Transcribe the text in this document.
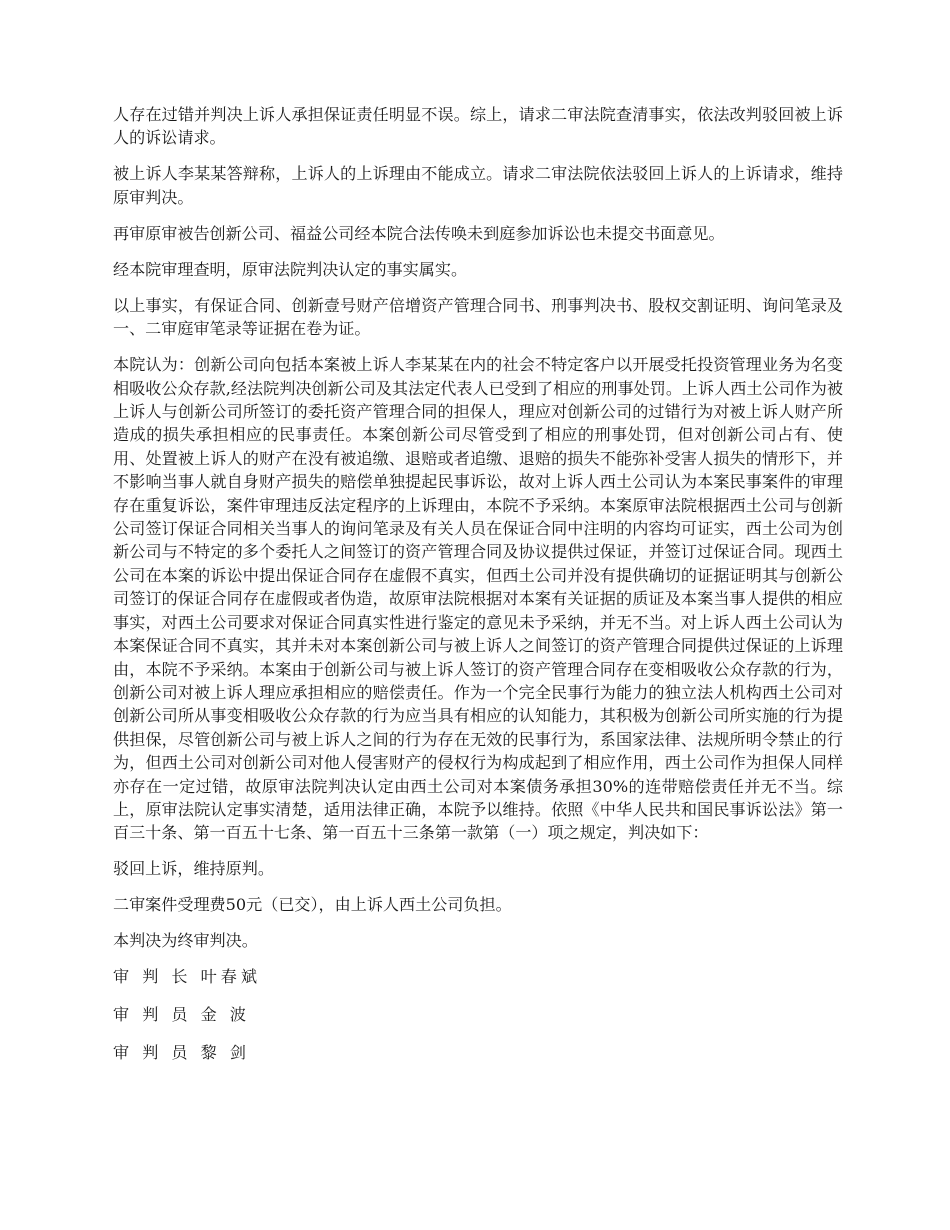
人存在过错并判决上诉人承担保证责任明显不误。综上，请求二审法院查清事实，依法改判驳回被上诉人的诉讼请求。

被上诉人李某某答辩称，上诉人的上诉理由不能成立。请求二审法院依法驳回上诉人的上诉请求，维持原审判决。

再审原审被告创新公司、福益公司经本院合法传唤未到庭参加诉讼也未提交书面意见。

经本院审理查明，原审法院判决认定的事实属实。

以上事实，有保证合同、创新壹号财产倍增资产管理合同书、刑事判决书、股权交割证明、询问笔录及一、二审庭审笔录等证据在卷为证。

本院认为：创新公司向包括本案被上诉人李某某在内的社会不特定客户以开展受托投资管理业务为名变相吸收公众存款,经法院判决创新公司及其法定代表人已受到了相应的刑事处罚。上诉人西土公司作为被上诉人与创新公司所签订的委托资产管理合同的担保人，理应对创新公司的过错行为对被上诉人财产所造成的损失承担相应的民事责任。本案创新公司尽管受到了相应的刑事处罚，但对创新公司占有、使用、处置被上诉人的财产在没有被追缴、退赔或者追缴、退赔的损失不能弥补受害人损失的情形下，并不影响当事人就自身财产损失的赔偿单独提起民事诉讼，故对上诉人西土公司认为本案民事案件的审理存在重复诉讼，案件审理违反法定程序的上诉理由，本院不予采纳。本案原审法院根据西土公司与创新公司签订保证合同相关当事人的询问笔录及有关人员在保证合同中注明的内容均可证实，西土公司为创新公司与不特定的多个委托人之间签订的资产管理合同及协议提供过保证，并签订过保证合同。现西土公司在本案的诉讼中提出保证合同存在虚假不真实，但西土公司并没有提供确切的证据证明其与创新公司签订的保证合同存在虚假或者伪造，故原审法院根据对本案有关证据的质证及本案当事人提供的相应事实，对西土公司要求对保证合同真实性进行鉴定的意见未予采纳，并无不当。对上诉人西土公司认为本案保证合同不真实，其并未对本案创新公司与被上诉人之间签订的资产管理合同提供过保证的上诉理由，本院不予采纳。本案由于创新公司与被上诉人签订的资产管理合同存在变相吸收公众存款的行为，创新公司对被上诉人理应承担相应的赔偿责任。作为一个完全民事行为能力的独立法人机构西土公司对创新公司所从事变相吸收公众存款的行为应当具有相应的认知能力，其积极为创新公司所实施的行为提供担保，尽管创新公司与被上诉人之间的行为存在无效的民事行为，系国家法律、法规所明令禁止的行为，但西土公司对创新公司对他人侵害财产的侵权行为构成起到了相应作用，西土公司作为担保人同样亦存在一定过错，故原审法院判决认定由西土公司对本案债务承担30%的连带赔偿责任并无不当。综上，原审法院认定事实清楚，适用法律正确，本院予以维持。依照《中华人民共和国民事诉讼法》第一百三十条、第一百五十七条、第一百五十三条第一款第（一）项之规定，判决如下：

驳回上诉，维持原判。

二审案件受理费50元（已交），由上诉人西土公司负担。

本判决为终审判决。

审 判 长 叶春斌
审 判 员 金 波
审 判 员 黎 剑
